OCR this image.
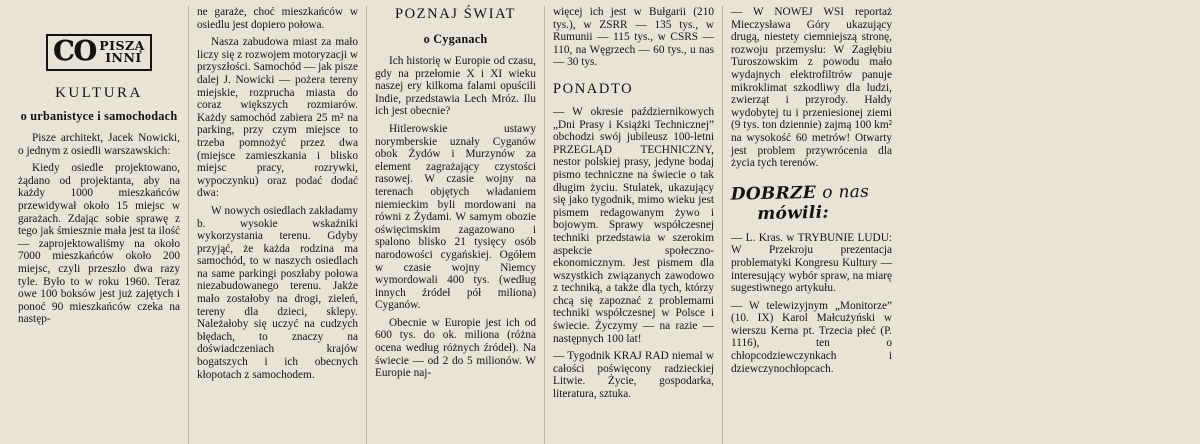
CO PISZĄ
INNI
KULTURA
o urbanistyce i samochodach

Pisze architekt, Jacek Nowicki, o jednym z osiedli warszawskich:

Kiedy osiedle projektowano, żądano od projektanta, aby na każdy 1000 mieszkańców przewidywał około 15 miejsc w garażach. Zdając sobie sprawę z tego jak śmiesznie mała jest ta ilość — zaprojektowaliśmy na około 7000 mieszkańców około 200 miejsc, czyli przeszło dwa razy tyle. Było to w roku 1960. Teraz owe 100 boksów jest już zajętych i ponoć 90 mieszkańców czeka na następ-

ne garaże, choć mieszkańców w osiedlu jest dopiero połowa.

Nasza zabudowa miast za mało liczy się z rozwojem motoryzacji w przyszłości. Samochód — jak pisze dalej J. Nowicki — pożera tereny miejskie, rozprucha miasta do coraz większych rozmiarów. Każdy samochód zabiera 25 m² na parking, przy czym miejsce to trzeba pomnożyć przez dwa (miejsce zamieszkania i blisko miejsc pracy, rozrywki, wypoczynku) oraz podać dodać dwa:

W nowych osiedlach zakładamy b. wysokie wskaźniki wykorzystania terenu. Gdyby przyjąć, że każda rodzina ma samochód, to w naszych osiedlach na same parkingi poszłaby połowa niezabudowanego terenu. Jakże mało zostałoby na drogi, zieleń, tereny dla dzieci, sklepy. Należałoby się uczyć na cudzych błędach, to znaczy na doświadczeniach krajów bogatszych i ich obecnych kłopotach z samochodem.

POZNAJ ŚWIAT
o Cyganach

Ich historię w Europie od czasu, gdy na przełomie X i XI wieku naszej ery kilkoma falami opuścili Indie, przedstawia Lech Mróz. Ilu ich jest obecnie?

Hitlerowskie ustawy norymberskie uznały Cyganów obok Żydów i Murzynów za element zagrażający czystości rasowej. W czasie wojny na terenach objętych władaniem niemieckim byli mordowani na równi z Żydami. W samym obozie oświęcimskim zagazowano i spalono blisko 21 tysięcy osób narodowości cygańskiej. Ogółem w czasie wojny Niemcy wymordowali 400 tys. (według innych źródeł pół miliona) Cyganów.

Obecnie w Europie jest ich od 600 tys. do ok. miliona (różna ocena według różnych źródeł). Na świecie — od 2 do 5 milionów. W Europie naj-

więcej ich jest w Bułgarii (210 tys.), w ZSRR — 135 tys., w Rumunii — 115 tys., w CSRS — 110, na Węgrzech — 60 tys., u nas — 30 tys.

PONADTO

— W okresie październikowych „Dni Prasy i Książki Technicznej” obchodzi swój jubileusz 100-letni PRZEGLĄD TECHNICZNY, nestor polskiej prasy, jedyne bodaj pismo techniczne na świecie o tak długim życiu. Stulatek, ukazujący się jako tygodnik, mimo wieku jest pismem redagowanym żywo i bojowym. Sprawy współczesnej techniki przedstawia w szerokim aspekcie społeczno-ekonomicznym. Jest pismem dla wszystkich związanych zawodowo z techniką, a także dla tych, którzy chcą się zapoznać z problemami techniki współczesnej w Polsce i świecie. Życzymy — na razie — następnych 100 lat!

— Tygodnik KRAJ RAD niemal w całości poświęcony radzieckiej Litwie. Życie, gospodarka, literatura, sztuka.

— W NOWEJ WSI reportaż Mieczysława Góry ukazujący drugą, niestety ciemniejszą stronę, rozwoju przemysłu: W Zagłębiu Turoszowskim z powodu mało wydajnych elektrofiltrów panuje mikroklimat szkodliwy dla ludzi, zwierząt i przyrody. Hałdy wydobytej tu i przeniesionej ziemi (9 tys. ton dziennie) zajmą 100 km² na wysokość 60 metrów! Otwarty jest problem przywrócenia dla życia tych terenów.

DOBRZE o nas
mówili:

— L. Kras. w TRYBUNIE LUDU: W Przekroju prezentacja problematyki Kongresu Kultury — interesujący wybór spraw, na miarę sugestiwnego artykułu.

— W telewizyjnym „Monitorze” (10. IX) Karol Małcużyński w wierszu Kerna pt. Trzecia płeć (P. 1116), ten o chłopcodziewczynkach i dziewczynochłopcach.
